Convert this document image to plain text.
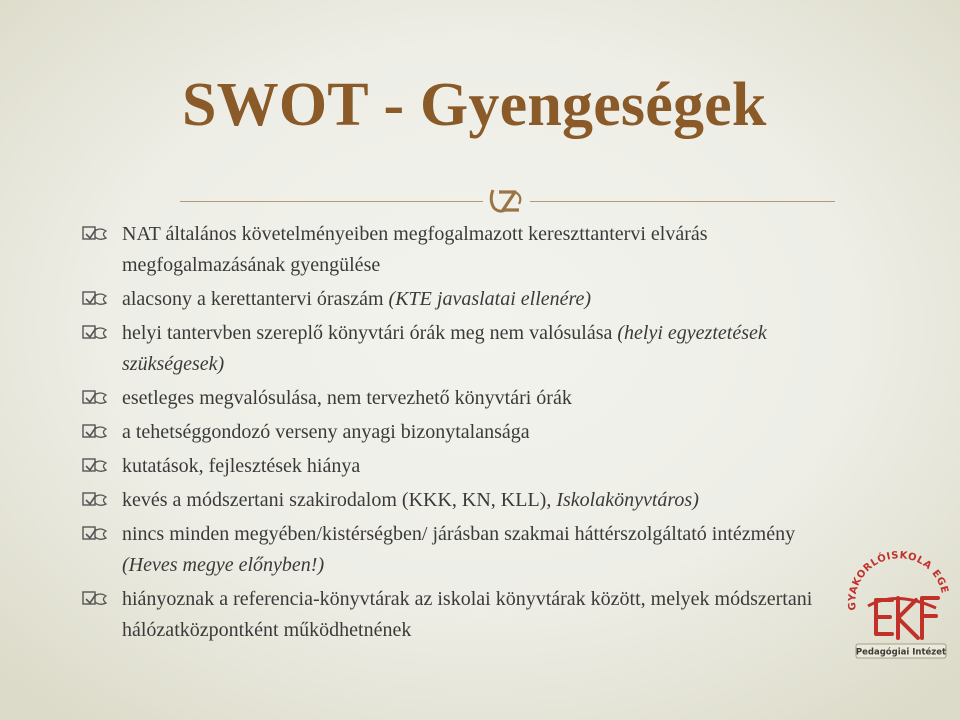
SWOT - Gyengeségek
NAT általános követelményeiben megfogalmazott kereszttantervi elvárás megfogalmazásának gyengülése
alacsony a kerettantervi óraszám (KTE javaslatai ellenére)
helyi tantervben szereplő könyvtári órák meg nem valósulása (helyi egyeztetések szükségesek)
esetleges megvalósulása, nem tervezhető könyvtári órák
a tehetséggondozó verseny anyagi bizonytalansága
kutatások, fejlesztések hiánya
kevés a módszertani szakirodalom (KKK, KN, KLL), Iskolakönyvtáros)
nincs minden megyében/kistérségben/ járásban szakmai háttérszolgáltató intézmény (Heves megye előnyben!)
hiányoznak a referencia-könyvtárak az iskolai könyvtárak között, melyek módszertani hálózatközpontként működhetnének
GYAKORLÓISKOLA EGE
Pedagógiai Intézet
